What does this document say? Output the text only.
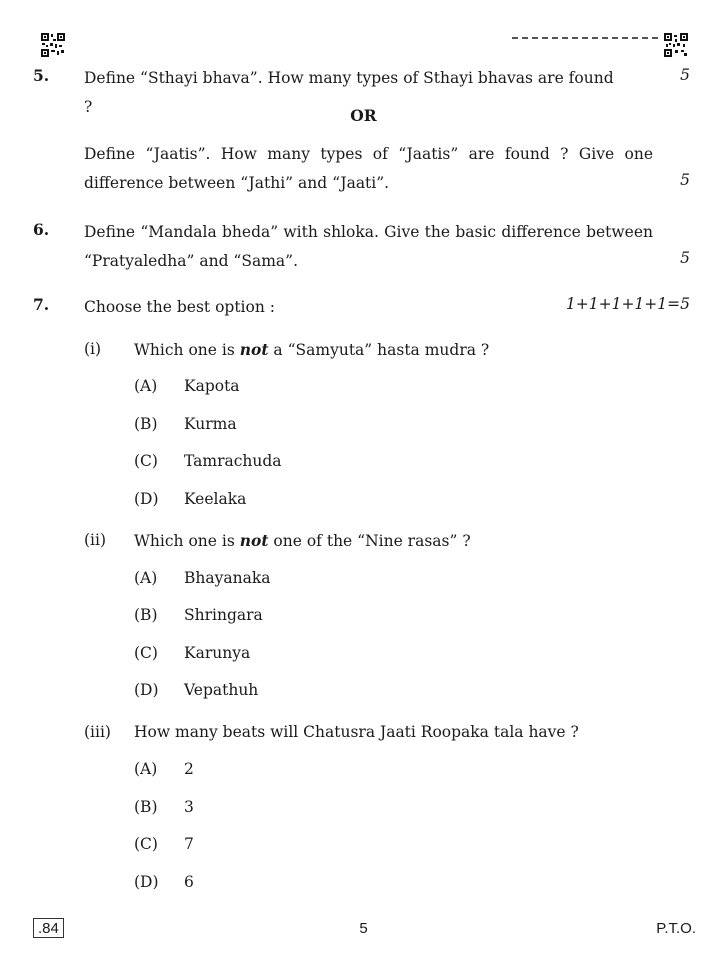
5. Define “Sthayi bhava”. How many types of Sthayi bhavas are found ?
5
OR
Define “Jaatis”. How many types of “Jaatis” are found ? Give one
difference between “Jathi” and “Jaati”.	5
6. Define “Mandala bheda” with shloka. Give the basic difference between
“Pratyaledha” and “Sama”.	5
7. Choose the best option :	1+1+1+1+1=5
(i) Which one is not a “Samyuta” hasta mudra ?
(A) Kapota
(B) Kurma
(C) Tamrachuda
(D) Keelaka
(ii) Which one is not one of the “Nine rasas” ?
(A) Bhayanaka
(B) Shringara
(C) Karunya
(D) Vepathuh
(iii) How many beats will Chatusra Jaati Roopaka tala have ?
(A) 2
(B) 3
(C) 7
(D) 6
.84	5	P.T.O.
